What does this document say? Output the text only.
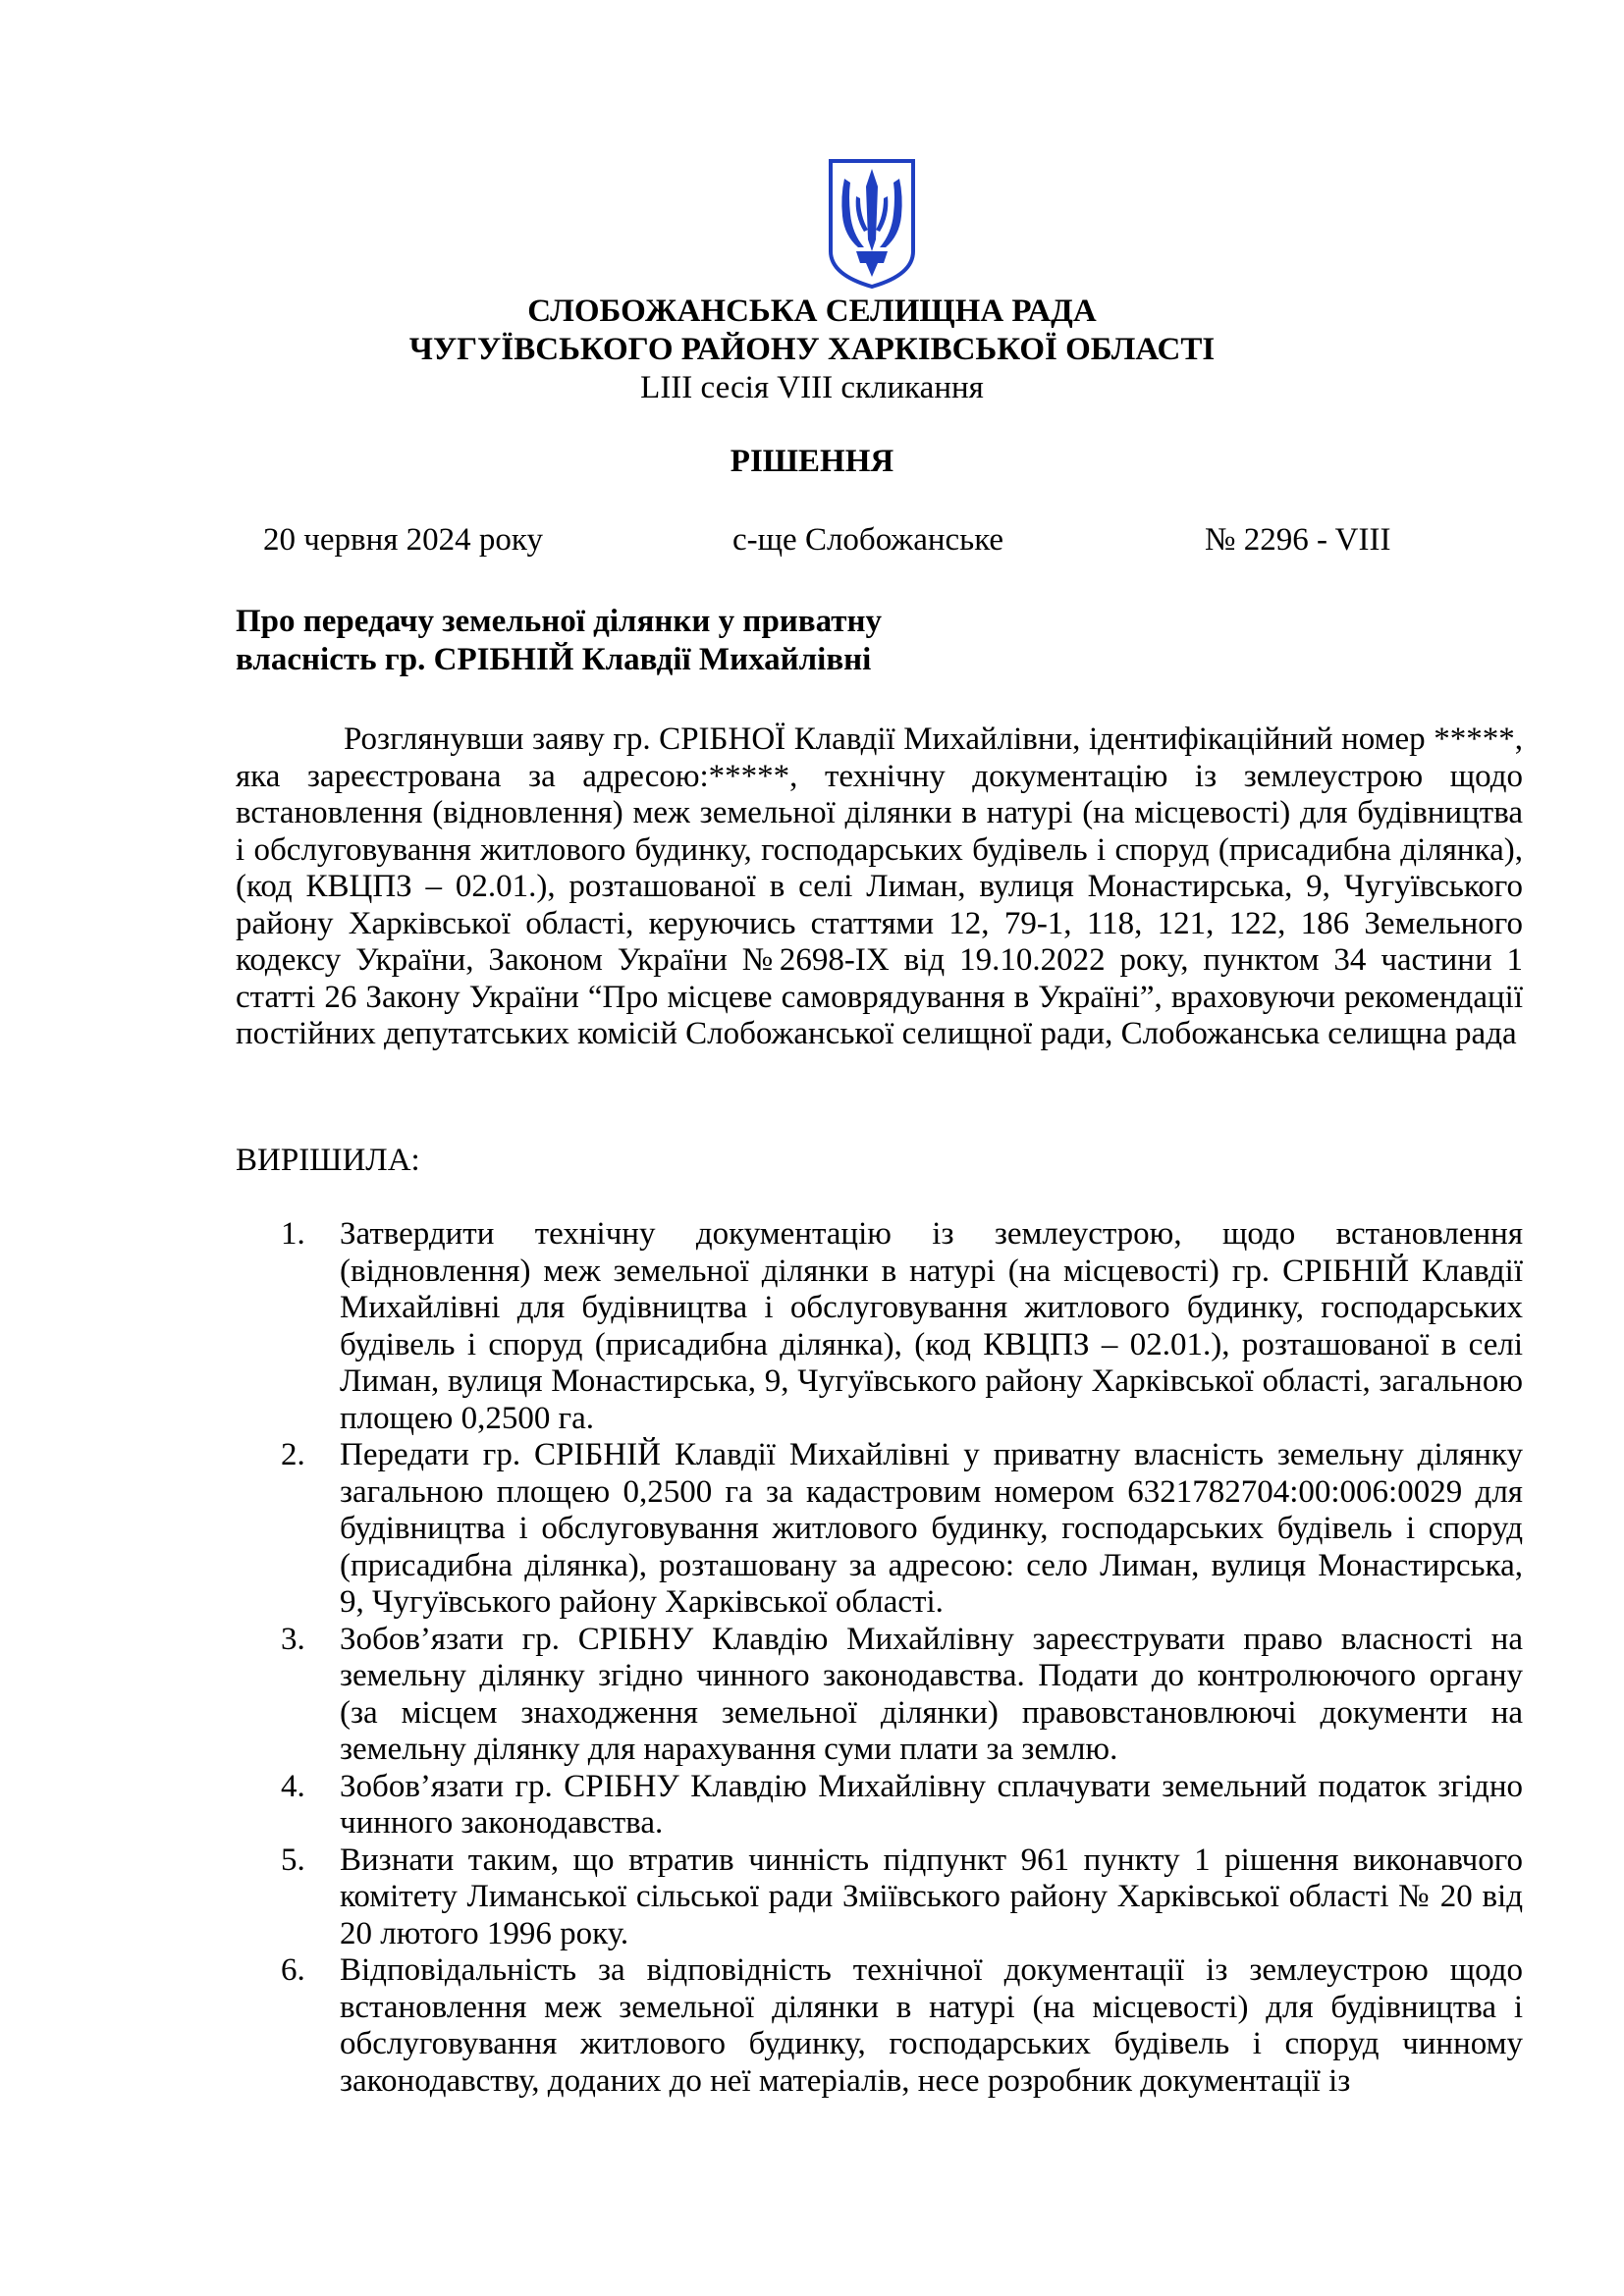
СЛОБОЖАНСЬКА СЕЛИЩНА РАДА
ЧУГУЇВСЬКОГО РАЙОНУ ХАРКІВСЬКОЇ ОБЛАСТІ
LIII сесія VIII скликання
РІШЕННЯ
20 червня 2024 року	с-ще Слобожанське	№ 2296 - VIII
Про передачу земельної ділянки у приватну
власність гр. СРІБНІЙ Клавдії Михайлівні

Розглянувши заяву гр. СРІБНОЇ Клавдії Михайлівни, ідентифікаційний номер *****, яка зареєстрована за адресою:*****, технічну документацію із землеустрою щодо встановлення (відновлення) меж земельної ділянки в натурі (на місцевості) для будівництва і обслуговування житлового будинку, господарських будівель і споруд (присадибна ділянка), (код КВЦПЗ – 02.01.), розташованої в селі Лиман, вулиця Монастирська, 9, Чугуївського району Харківської області, керуючись статтями 12, 79-1, 118, 121, 122, 186 Земельного кодексу України, Законом України №2698-IX від 19.10.2022 року, пунктом 34 частини 1 статті 26 Закону України “Про місцеве самоврядування в Україні”, враховуючи рекомендації постійних депутатських комісій Слобожанської селищної ради, Слобожанська селищна рада

ВИРІШИЛА:
1. Затвердити технічну документацію із землеустрою, щодо встановлення (відновлення) меж земельної ділянки в натурі (на місцевості) гр. СРІБНІЙ Клавдії Михайлівні для будівництва і обслуговування житлового будинку, господарських будівель і споруд (присадибна ділянка), (код КВЦПЗ – 02.01.), розташованої в селі Лиман, вулиця Монастирська, 9, Чугуївського району Харківської області, загальною площею 0,2500 га.
2. Передати гр. СРІБНІЙ Клавдії Михайлівні у приватну власність земельну ділянку загальною площею 0,2500 га за кадастровим номером 6321782704:00:006:0029 для будівництва і обслуговування житлового будинку, господарських будівель і споруд (присадибна ділянка), розташовану за адресою: село Лиман, вулиця Монастирська, 9, Чугуївського району Харківської області.
3. Зобов’язати гр. СРІБНУ Клавдію Михайлівну зареєструвати право власності на земельну ділянку згідно чинного законодавства. Подати до контролюючого органу (за місцем знаходження земельної ділянки) правовстановлюючі документи на земельну ділянку для нарахування суми плати за землю.
4. Зобов’язати гр. СРІБНУ Клавдію Михайлівну сплачувати земельний податок згідно чинного законодавства.
5. Визнати таким, що втратив чинність підпункт 961 пункту 1 рішення виконавчого комітету Лиманської сільської ради Зміївського району Харківської області № 20 від 20 лютого 1996 року.
6. Відповідальність за відповідність технічної документації із землеустрою щодо встановлення меж земельної ділянки в натурі (на місцевості) для будівництва і обслуговування житлового будинку, господарських будівель і споруд чинному законодавству, доданих до неї матеріалів, несе розробник документації із
